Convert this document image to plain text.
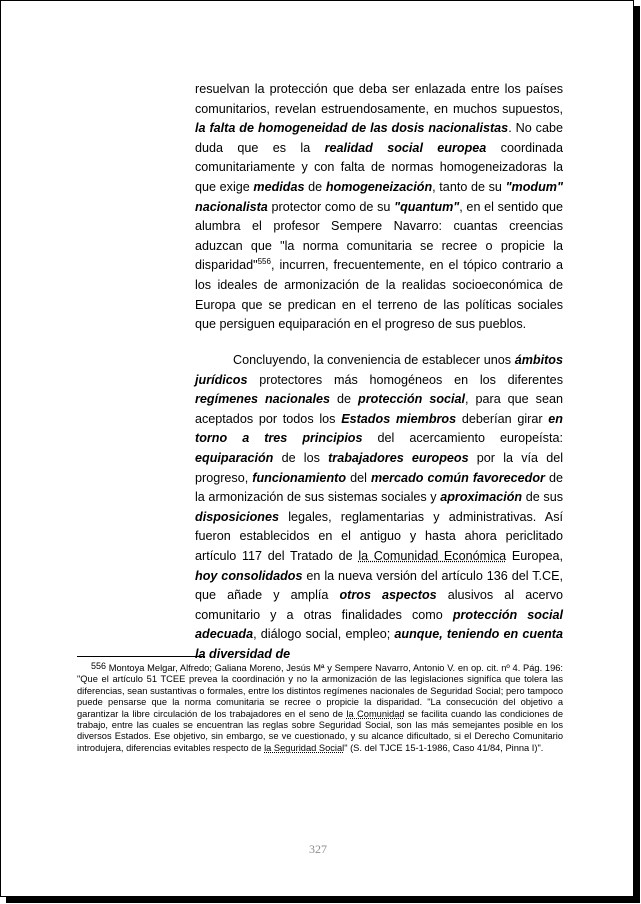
resuelvan la protección que deba ser enlazada entre los países comunitarios, revelan estruendosamente, en muchos supuestos, la falta de homogeneidad de las dosis nacionalistas. No cabe duda que es la realidad social europea coordinada comunitariamente y con falta de normas homogeneizadoras la que exige medidas de homogeneización, tanto de su "modum" nacionalista protector como de su "quantum", en el sentido que alumbra el profesor Sempere Navarro: cuantas creencias aduzcan que "la norma comunitaria se recree o propicie la disparidad"$^{556}$, incurren, frecuentemente, en el tópico contrario a los ideales de armonización de la realidas socioeconómica de Europa que se predican en el terreno de las políticas sociales que persiguen equiparación en el progreso de sus pueblos.

Concluyendo, la conveniencia de establecer unos ámbitos jurídicos protectores más homogéneos en los diferentes regímenes nacionales de protección social, para que sean aceptados por todos los Estados miembros deberían girar en torno a tres principios del acercamiento europeísta: equiparación de los trabajadores europeos por la vía del progreso, funcionamiento del mercado común favorecedor de la armonización de sus sistemas sociales y aproximación de sus disposiciones legales, reglamentarias y administrativas. Así fueron establecidos en el antiguo y hasta ahora periclitado artículo 117 del Tratado de la Comunidad Económica Europea, hoy consolidados en la nueva versión del artículo 136 del T.CE, que añade y amplía otros aspectos alusivos al acervo comunitario y a otras finalidades como protección social adecuada, diálogo social, empleo; aunque, teniendo en cuenta la diversidad de

556 Montoya Melgar, Alfredo; Galiana Moreno, Jesús Mª y Sempere Navarro, Antonio V. en op. cit. nº 4. Pág. 196: "Que el artículo 51 TCEE prevea la coordinación y no la armonización de las legislaciones signifíca que tolera las diferencias, sean sustantivas o formales, entre los distintos regímenes nacionales de Seguridad Social; pero tampoco puede pensarse que la norma comunitaria se recree o propicie la disparidad. "La consecución del objetivo a garantizar la libre circulación de los trabajadores en el seno de la Comunidad se facilita cuando las condiciones de trabajo, entre las cuales se encuentran las reglas sobre Seguridad Social, son las más semejantes posible en los diversos Estados. Ese objetivo, sin embargo, se ve cuestionado, y su alcance dificultado, si el Derecho Comunitario introdujera, diferencias evitables respecto de la Seguridad Social" (S. del TJCE 15-1-1986, Caso 41/84, Pinna I)".

327
